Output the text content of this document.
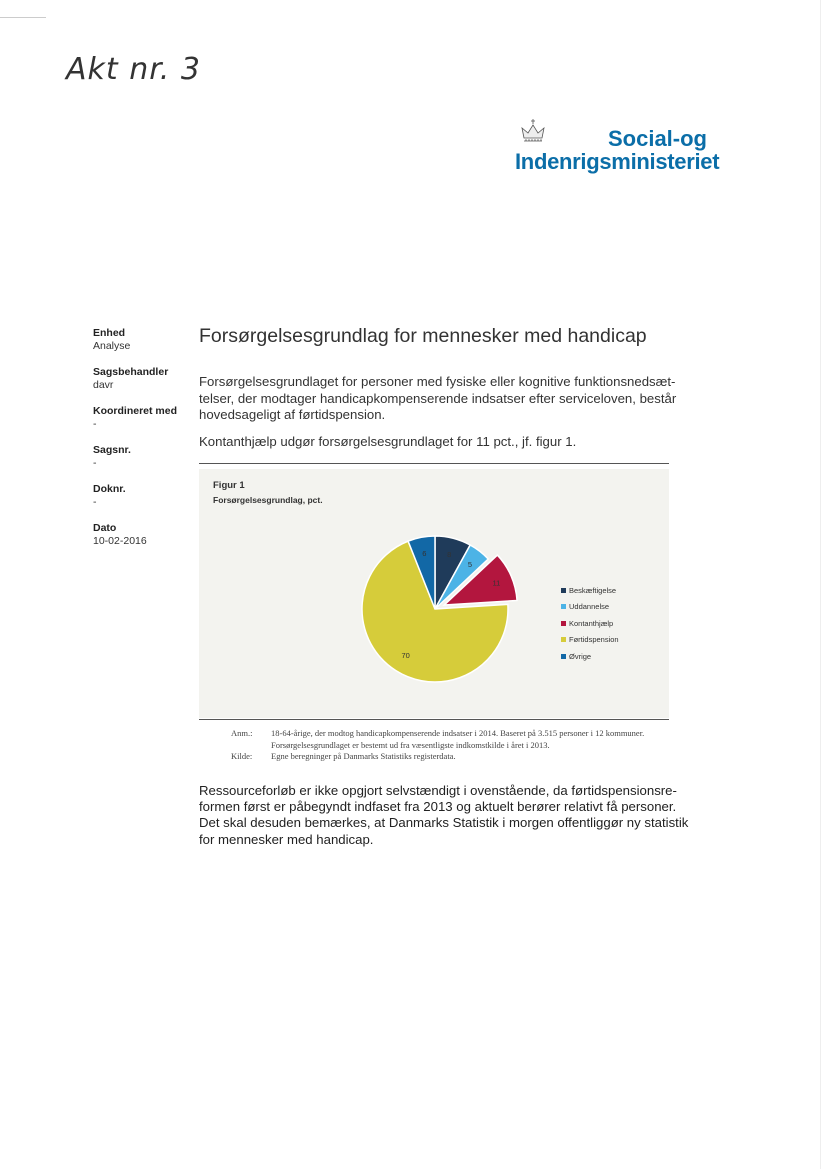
Akt nr. 3
Social-og
Indenrigsministeriet
Enhed
Analyse
Sagsbehandler
davr
Koordineret med
-
Sagsnr.
-
Doknr.
-
Dato
10-02-2016
Forsørgelsesgrundlag for mennesker med handicap
Forsørgelsesgrundlaget for personer med fysiske eller kognitive funktionsnedsæt-telser, der modtager handicapkompenserende indsatser efter serviceloven, består hovedsageligt af førtidspension.
Kontanthjælp udgør forsørgelsesgrundlaget for 11 pct., jf. figur 1.
Figur 1
Forsørgelsesgrundlag, pct.
8
5
11
70
6
Beskæftigelse
Uddannelse
Kontanthjælp
Førtidspension
Øvrige
Anm.:	18-64-årige, der modtog handicapkompenserende indsatser i 2014. Baseret på 3.515 personer i 12 kommuner. Forsørgelsesgrundlaget er bestemt ud fra væsentligste indkomstkilde i året i 2013.
Kilde:	Egne beregninger på Danmarks Statistiks registerdata.
Ressourceforløb er ikke opgjort selvstændigt i ovenstående, da førtidspensionsre-formen først er påbegyndt indfaset fra 2013 og aktuelt berører relativt få personer. Det skal desuden bemærkes, at Danmarks Statistik i morgen offentliggør ny statistik for mennesker med handicap.
